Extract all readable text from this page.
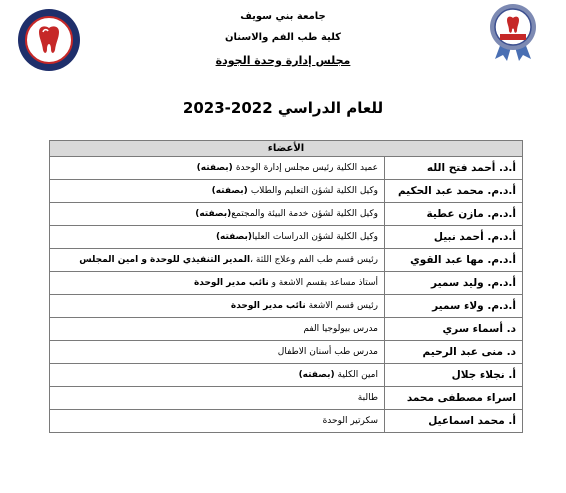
جامعة بني سويف
كلية طب الفم والاسنان
مجلس إدارة وحدة الجودة
للعام الدراسي 2022-2023
الأعضاء	
أ.د. أحمد فتح الله	عميد الكلية رئيس مجلس إدارة الوحدة (بصفته)
أ.د.م. محمد عبد الحكيم	وكيل الكلية لشؤن التعليم والطلاب (بصفته)
أ.د.م. مازن عطية	وكيل الكلية لشؤن خدمة البيئة والمجتمع(بصفته)
أ.د.م. أحمد نبيل	وكيل الكلية لشؤن الدراسات العليا(بصفته)
أ.د.م. مها عبد القوي	رئيس قسم طب الفم وعلاج اللثة ،المدير التنفيذي للوحدة و امين المجلس
أ.د.م. وليد سمير	أستاذ مساعد بقسم الاشعة و نائب مدير الوحدة
أ.د.م. ولاء سمير	رئيس قسم الاشعة نائب مدير الوحدة
د. أسماء سري	مدرس بيولوجيا الفم
د. منى عبد الرحيم	مدرس طب أسنان الاطفال
أ. نجلاء جلال	امين الكلية (بصفته)
اسراء مصطفى محمد	طالبة
أ. محمد اسماعيل	سكرتير الوحدة
